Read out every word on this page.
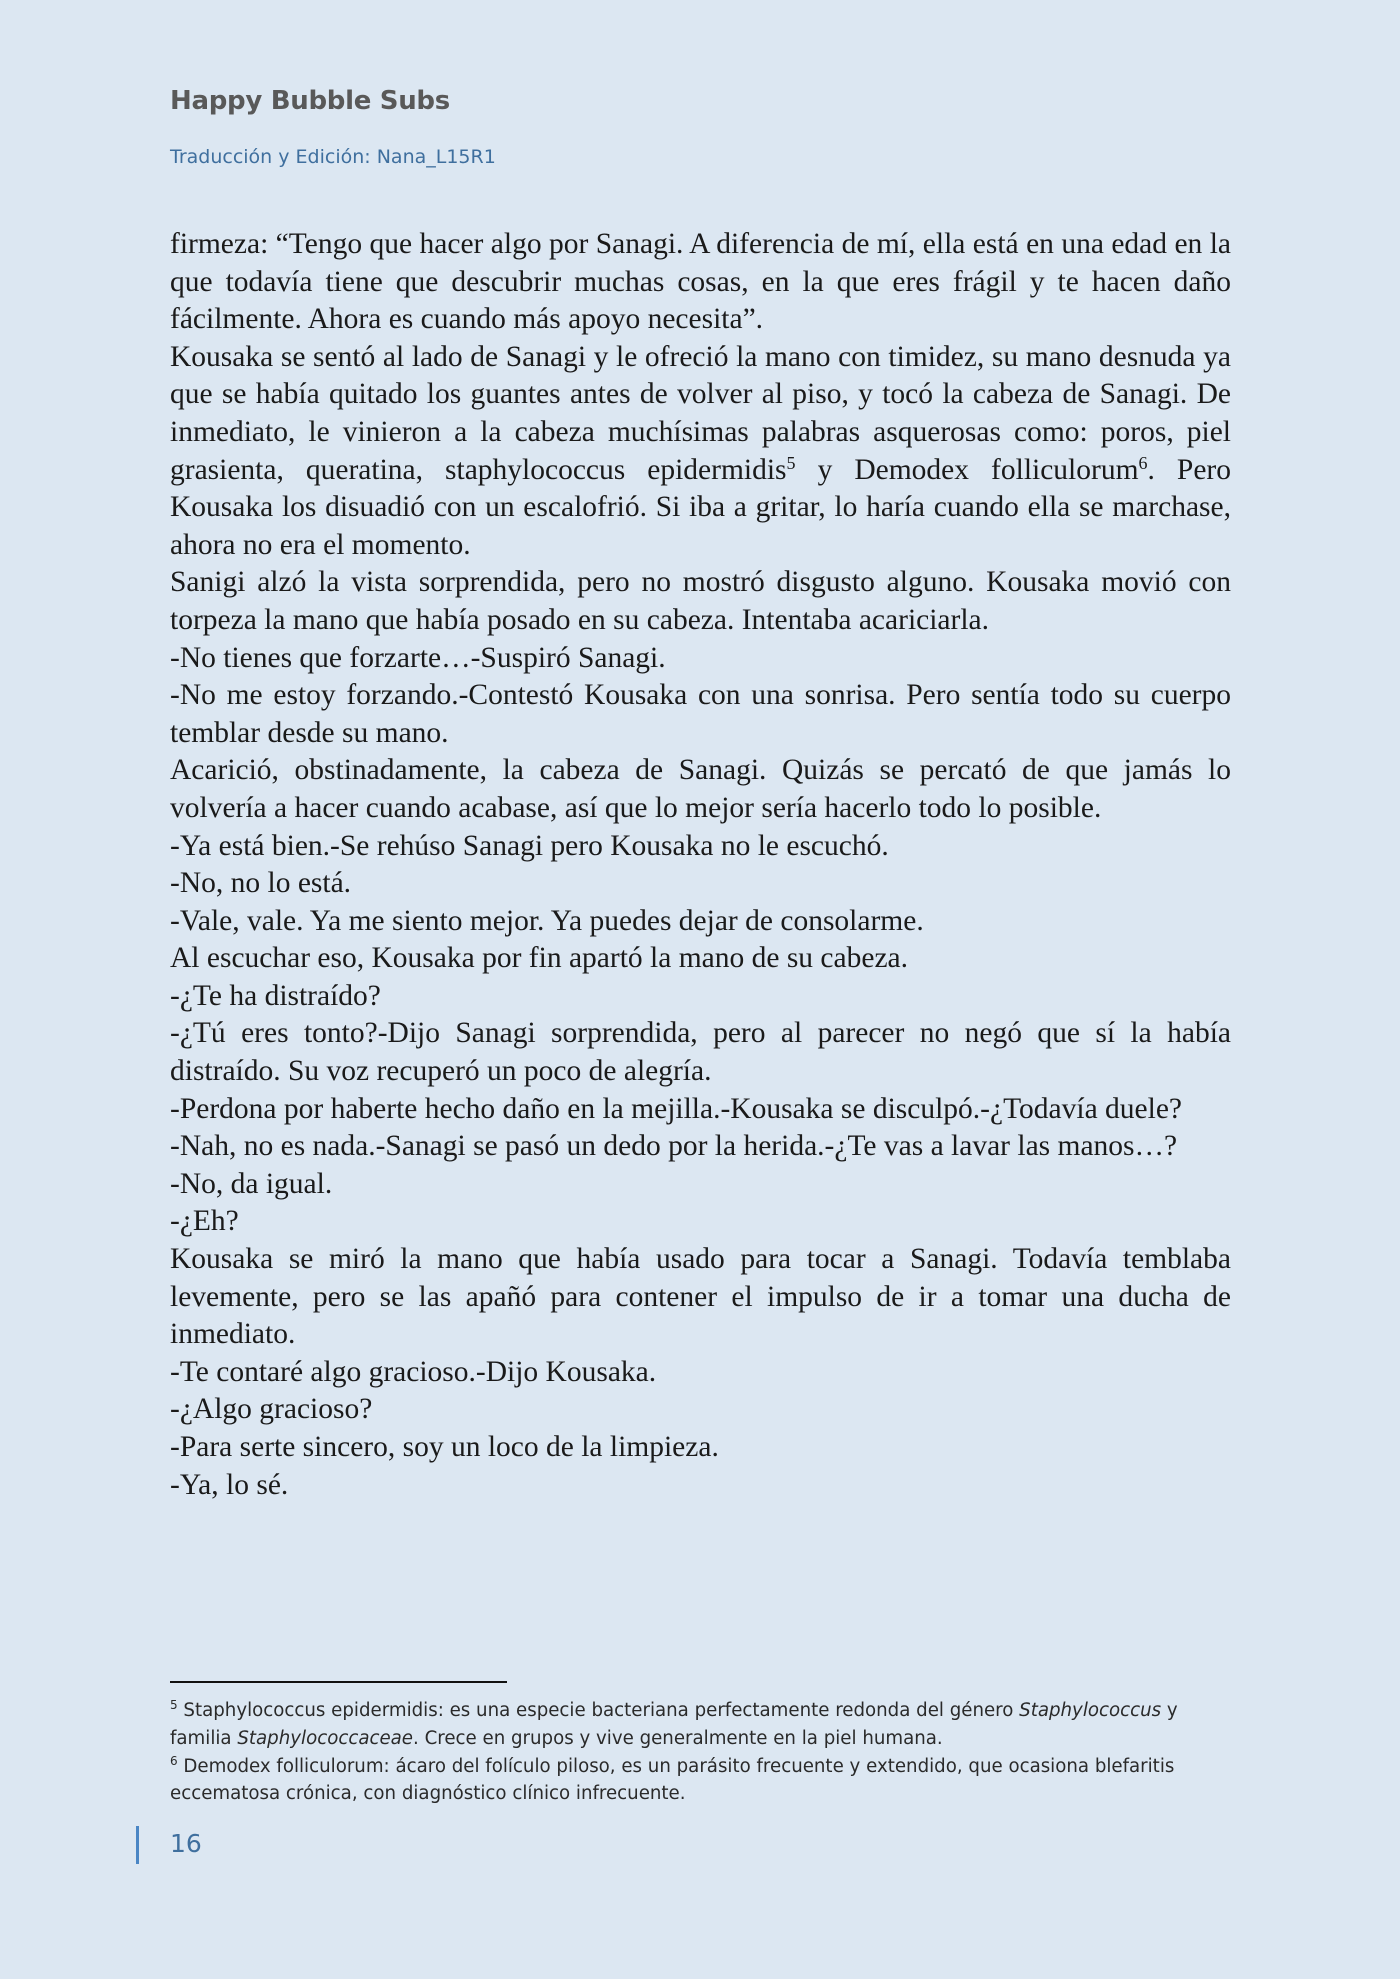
Happy Bubble Subs
Traducción y Edición: Nana_L15R1

firmeza: “Tengo que hacer algo por Sanagi. A diferencia de mí, ella está en una edad en la que todavía tiene que descubrir muchas cosas, en la que eres frágil y te hacen daño fácilmente. Ahora es cuando más apoyo necesita”.

Kousaka se sentó al lado de Sanagi y le ofreció la mano con timidez, su mano desnuda ya que se había quitado los guantes antes de volver al piso, y tocó la cabeza de Sanagi. De inmediato, le vinieron a la cabeza muchísimas palabras asquerosas como: poros, piel grasienta, queratina, staphylococcus epidermidis$^5$ y Demodex folliculorum$^6$. Pero Kousaka los disuadió con un escalofrió. Si iba a gritar, lo haría cuando ella se marchase, ahora no era el momento.

Sanigi alzó la vista sorprendida, pero no mostró disgusto alguno. Kousaka movió con torpeza la mano que había posado en su cabeza. Intentaba acariciarla.

-No tienes que forzarte…-Suspiró Sanagi.

-No me estoy forzando.-Contestó Kousaka con una sonrisa. Pero sentía todo su cuerpo temblar desde su mano.

Acarició, obstinadamente, la cabeza de Sanagi. Quizás se percató de que jamás lo volvería a hacer cuando acabase, así que lo mejor sería hacerlo todo lo posible.

-Ya está bien.-Se rehúso Sanagi pero Kousaka no le escuchó.

-No, no lo está.

-Vale, vale. Ya me siento mejor. Ya puedes dejar de consolarme.

Al escuchar eso, Kousaka por fin apartó la mano de su cabeza.

-¿Te ha distraído?

-¿Tú eres tonto?-Dijo Sanagi sorprendida, pero al parecer no negó que sí la había distraído. Su voz recuperó un poco de alegría.

-Perdona por haberte hecho daño en la mejilla.-Kousaka se disculpó.-¿Todavía duele?

-Nah, no es nada.-Sanagi se pasó un dedo por la herida.-¿Te vas a lavar las manos…?

-No, da igual.

-¿Eh?

Kousaka se miró la mano que había usado para tocar a Sanagi. Todavía temblaba levemente, pero se las apañó para contener el impulso de ir a tomar una ducha de inmediato.

-Te contaré algo gracioso.-Dijo Kousaka.

-¿Algo gracioso?

-Para serte sincero, soy un loco de la limpieza.

-Ya, lo sé.

$^5$ Staphylococcus epidermidis: es una especie bacteriana perfectamente redonda del género Staphylococcus y familia Staphylococcaceae. Crece en grupos y vive generalmente en la piel humana.

$^6$ Demodex folliculorum: ácaro del folículo piloso, es un parásito frecuente y extendido, que ocasiona blefaritis eccematosa crónica, con diagnóstico clínico infrecuente.

16
